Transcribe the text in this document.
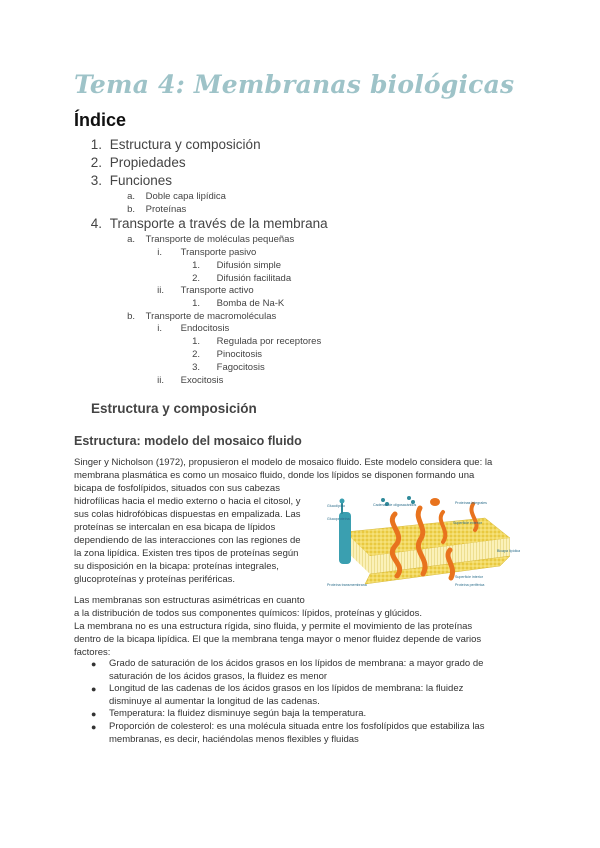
Tema 4: Membranas biológicas
Índice
1. Estructura y composición
2. Propiedades
3. Funciones
a. Doble capa lipídica
b. Proteínas
4. Transporte a través de la membrana
a. Transporte de moléculas pequeñas
i. Transporte pasivo
1. Difusión simple
2. Difusión facilitada
ii. Transporte activo
1. Bomba de Na-K
b. Transporte de macromoléculas
i. Endocitosis
1. Regulada por receptores
2. Pinocitosis
3. Fagocitosis
ii. Exocitosis
Estructura y composición
Estructura: modelo del mosaico fluido

Singer y Nicholson (1972), propusieron el modelo de mosaico fluido. Este modelo considera que: la

membrana plasmática es como un mosaico fluido, donde los lípidos se disponen formando una

bicapa de fosfolípidos, situados con sus cabezas

hidrofílicas hacia el medio externo o hacia el citosol, y

sus colas hidrofóbicas dispuestas en empalizada. Las

proteínas se intercalan en esa bicapa de lípidos

dependiendo de las interacciones con las regiones de

la zona lipídica. Existen tres tipos de proteínas según

su disposición en la bicapa: proteínas integrales,

glucoproteínas y proteínas periféricas.

Glucolípido
Glucoproteína
Cadenas de oligosacáridos	Proteínas integrales
Superficie exterior
Bicapa lipídica
Superficie interior
Proteína periférica
Proteína transmembrana

Las membranas son estructuras asimétricas en cuanto

a la distribución de todos sus componentes químicos: lípidos, proteínas y glúcidos.

La membrana no es una estructura rígida, sino fluida, y permite el movimiento de las proteínas

dentro de la bicapa lipídica. El que la membrana tenga mayor o menor fluidez depende de varios

factores:

● Grado de saturación de los ácidos grasos en los lípidos de membrana: a mayor grado de
saturación de los ácidos grasos, la fluidez es menor
● Longitud de las cadenas de los ácidos grasos en los lípidos de membrana: la fluidez
disminuye al aumentar la longitud de las cadenas.
● Temperatura: la fluidez disminuye según baja la temperatura.
● Proporción de colesterol: es una molécula situada entre los fosfolípidos que estabiliza las
membranas, es decir, haciéndolas menos flexibles y fluidas
